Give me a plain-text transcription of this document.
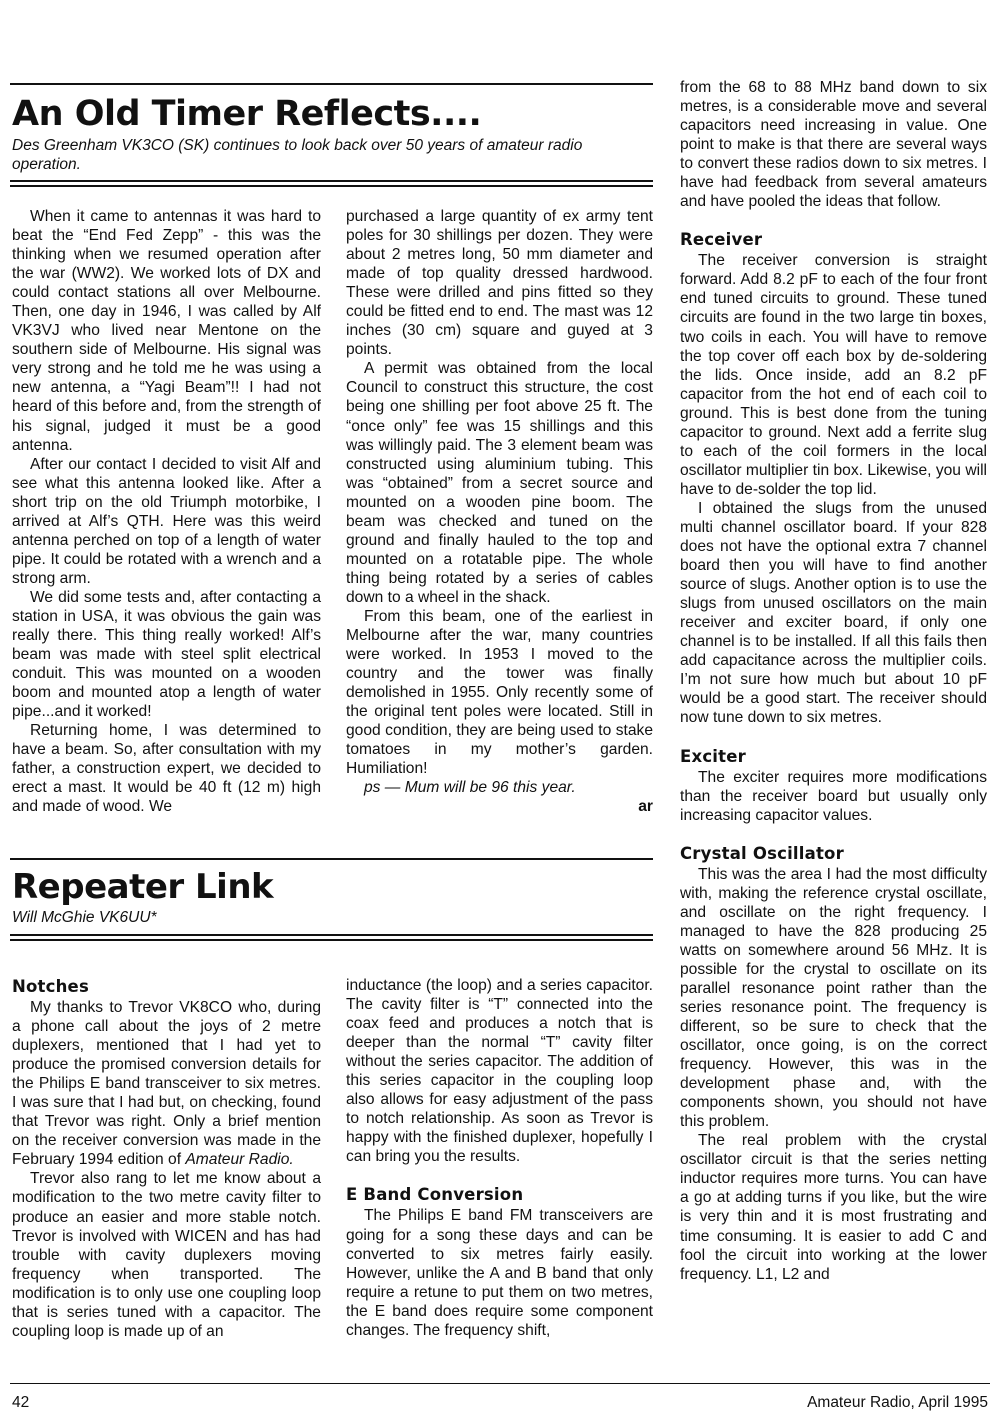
An Old Timer Reflects....
Des Greenham VK3CO (SK) continues to look back over 50 years of amateur radio operation.

When it came to antennas it was hard to beat the “End Fed Zepp” - this was the thinking when we resumed operation after the war (WW2). We worked lots of DX and could contact stations all over Melbourne. Then, one day in 1946, I was called by Alf VK3VJ who lived near Mentone on the southern side of Melbourne. His signal was very strong and he told me he was using a new antenna, a “Yagi Beam”!! I had not heard of this before and, from the strength of his signal, judged it must be a good antenna.

After our contact I decided to visit Alf and see what this antenna looked like. After a short trip on the old Triumph motorbike, I arrived at Alf’s QTH. Here was this weird antenna perched on top of a length of water pipe. It could be rotated with a wrench and a strong arm.

We did some tests and, after contacting a station in USA, it was obvious the gain was really there. This thing really worked! Alf’s beam was made with steel split electrical conduit. This was mounted on a wooden boom and mounted atop a length of water pipe...and it worked!

Returning home, I was determined to have a beam. So, after consultation with my father, a construction expert, we decided to erect a mast. It would be 40 ft (12 m) high and made of wood. We

purchased a large quantity of ex army tent poles for 30 shillings per dozen. They were about 2 metres long, 50 mm diameter and made of top quality dressed hardwood. These were drilled and pins fitted so they could be fitted end to end. The mast was 12 inches (30 cm) square and guyed at 3 points.

A permit was obtained from the local Council to construct this structure, the cost being one shilling per foot above 25 ft. The “once only” fee was 15 shillings and this was willingly paid. The 3 element beam was constructed using aluminium tubing. This was “obtained” from a secret source and mounted on a wooden pine boom. The beam was checked and tuned on the ground and finally hauled to the top and mounted on a rotatable pipe. The whole thing being rotated by a series of cables down to a wheel in the shack.

From this beam, one of the earliest in Melbourne after the war, many countries were worked. In 1953 I moved to the country and the tower was finally demolished in 1955. Only recently some of the original tent poles were located. Still in good condition, they are being used to stake tomatoes in my mother’s garden. Humiliation!

ps — Mum will be 96 this year.

ar
Repeater Link
Will McGhie VK6UU*
Notches

My thanks to Trevor VK8CO who, during a phone call about the joys of 2 metre duplexers, mentioned that I had yet to produce the promised conversion details for the Philips E band transceiver to six metres. I was sure that I had but, on checking, found that Trevor was right. Only a brief mention on the receiver conversion was made in the February 1994 edition of Amateur Radio.

Trevor also rang to let me know about a modification to the two metre cavity filter to produce an easier and more stable notch. Trevor is involved with WICEN and has had trouble with cavity duplexers moving frequency when transported. The modification is to only use one coupling loop that is series tuned with a capacitor. The coupling loop is made up of an

inductance (the loop) and a series capacitor. The cavity filter is “T” connected into the coax feed and produces a notch that is deeper than the normal “T” cavity filter without the series capacitor. The addition of this series capacitor in the coupling loop also allows for easy adjustment of the pass to notch relationship. As soon as Trevor is happy with the finished duplexer, hopefully I can bring you the results.

E Band Conversion

The Philips E band FM transceivers are going for a song these days and can be converted to six metres fairly easily. However, unlike the A and B band that only require a retune to put them on two metres, the E band does require some component changes. The frequency shift,

from the 68 to 88 MHz band down to six metres, is a considerable move and several capacitors need increasing in value. One point to make is that there are several ways to convert these radios down to six metres. I have had feedback from several amateurs and have pooled the ideas that follow.

Receiver

The receiver conversion is straight forward. Add 8.2 pF to each of the four front end tuned circuits to ground. These tuned circuits are found in the two large tin boxes, two coils in each. You will have to remove the top cover off each box by de-soldering the lids. Once inside, add an 8.2 pF capacitor from the hot end of each coil to ground. This is best done from the tuning capacitor to ground. Next add a ferrite slug to each of the coil formers in the local oscillator multiplier tin box. Likewise, you will have to de-solder the top lid.

I obtained the slugs from the unused multi channel oscillator board. If your 828 does not have the optional extra 7 channel board then you will have to find another source of slugs. Another option is to use the slugs from unused oscillators on the main receiver and exciter board, if only one channel is to be installed. If all this fails then add capacitance across the multiplier coils. I’m not sure how much but about 10 pF would be a good start. The receiver should now tune down to six metres.

Exciter

The exciter requires more modifications than the receiver board but usually only increasing capacitor values.

Crystal Oscillator

This was the area I had the most difficulty with, making the reference crystal oscillate, and oscillate on the right frequency. I managed to have the 828 producing 25 watts on somewhere around 56 MHz. It is possible for the crystal to oscillate on its parallel resonance point rather than the series resonance point. The frequency is different, so be sure to check that the oscillator, once going, is on the correct frequency. However, this was in the development phase and, with the components shown, you should not have this problem.

The real problem with the crystal oscillator circuit is that the series netting inductor requires more turns. You can have a go at adding turns if you like, but the wire is very thin and it is most frustrating and time consuming. It is easier to add C and fool the circuit into working at the lower frequency. L1, L2 and

42	Amateur Radio, April 1995
